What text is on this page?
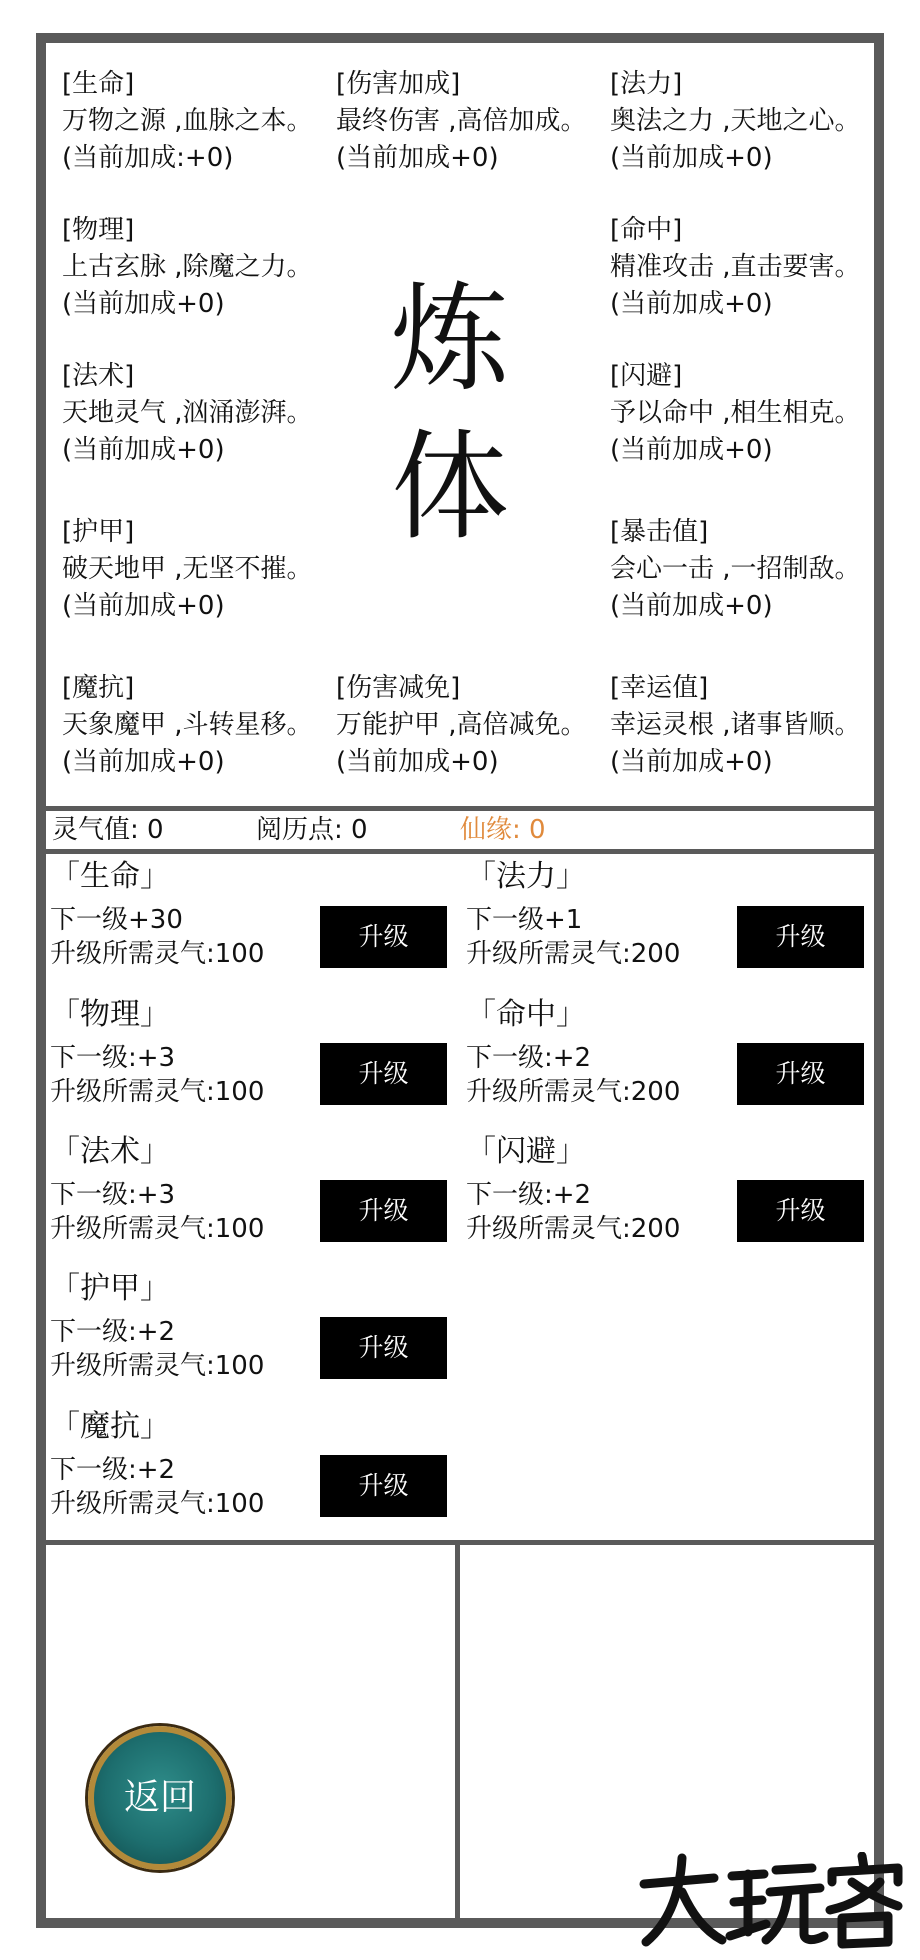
[生命]
万物之源 ,血脉之本。
(当前加成:+0)
[物理]
上古玄脉 ,除魔之力。
(当前加成+0)
[法术]
天地灵气 ,汹涌澎湃。
(当前加成+0)
[护甲]
破天地甲 ,无坚不摧。
(当前加成+0)
[魔抗]
天象魔甲 ,斗转星移。
(当前加成+0)
[伤害加成]
最终伤害 ,高倍加成。
(当前加成+0)
[伤害减免]
万能护甲 ,高倍减免。
(当前加成+0)
[法力]
奥法之力 ,天地之心。
(当前加成+0)
[命中]
精准攻击 ,直击要害。
(当前加成+0)
[闪避]
予以命中 ,相生相克。
(当前加成+0)
[暴击值]
会心一击 ,一招制敌。
(当前加成+0)
[幸运值]
幸运灵根 ,诸事皆顺。
(当前加成+0)
炼
体
灵气值: 0	阅历点: 0	仙缘: 0
「生命」
下一级+30
升级所需灵气:100
升级
「物理」
下一级:+3
升级所需灵气:100
升级
「法术」
下一级:+3
升级所需灵气:100
升级
「护甲」
下一级:+2
升级所需灵气:100
升级
「魔抗」
下一级:+2
升级所需灵气:100
升级
「法力」
下一级+1
升级所需灵气:200
升级
「命中」
下一级:+2
升级所需灵气:200
升级
「闪避」
下一级:+2
升级所需灵气:200
升级
返回
